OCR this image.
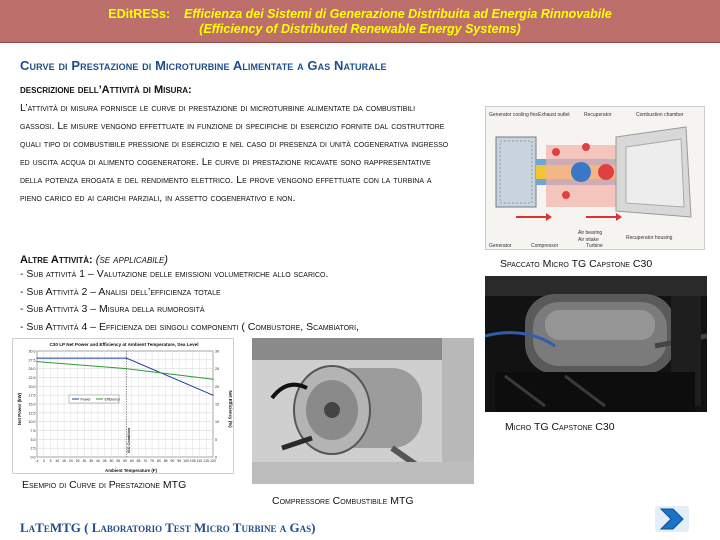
EDitRESs: Efficienza dei Sistemi di Generazione Distribuita ad Energia Rinnovabile
(Efficiency of Distributed Renewable Energy Systems)
Curve di Prestazione di Microturbine Alimentate a Gas Naturale
descrizione dell’Attività di Misura:
L’attività di misura fornisce le curve di prestazione di microturbine alimentate da combustibili gassosi. Le misure vengono effettuate in funzione di specifiche di esercizio fornite dal costruttore quali tipo di combustibile pressione di esercizio e nel caso di presenza di unità cogenerativa ingresso ed uscita acqua di alimento cogeneratore. Le curve di prestazione ricavate sono rappresentative della potenza erogata e del rendimento elettrico. Le prove vengono effettuate con la turbina a pieno carico ed ai carichi parziali, in assetto cogenerativo e non.
Altre Attività: (se applicabile)
- Sub attività 1 – Valutazione delle emissioni volumetriche allo scarico.
- Sub Attività 2 – Analisi dell’efficienza totale
- Sub Attività 3 – Misura della rumorosità
- Sub Attività 4 – Efficienza dei singoli componenti ( Combustore, Scambiatori,
Generator cooling fins Exhaust outlet	Recuperator	Combustion chamber
Generator	Compressor
Air bearing
Recuperator housing
Turbine
Air intake
Spaccato Micro TG Capstone C30
Micro TG Capstone C30
Compressore Combustibile MTG
C30 LP Net Power and Efficiency at Ambient Temperature, Sea Level
Ambient Temperature (F)
Net Power (kW)	Net Efficiency (%)
0.0
2.5
5.0
7.5
10.0
12.5
15.0
17.5
20.0
22.5
25.0
27.5
30.0
0
5
10
15
20
25
30
-4 0 5 10 15 20 25 30 35 40 45 50 55 59 60 65 70 75 80 85 90 95 100 105 110 115 120
ISO Condition
Power	Efficiency
Esempio di Curve di Prestazione MTG
LaTeMTG ( Laboratorio Test Micro Turbine a Gas)
